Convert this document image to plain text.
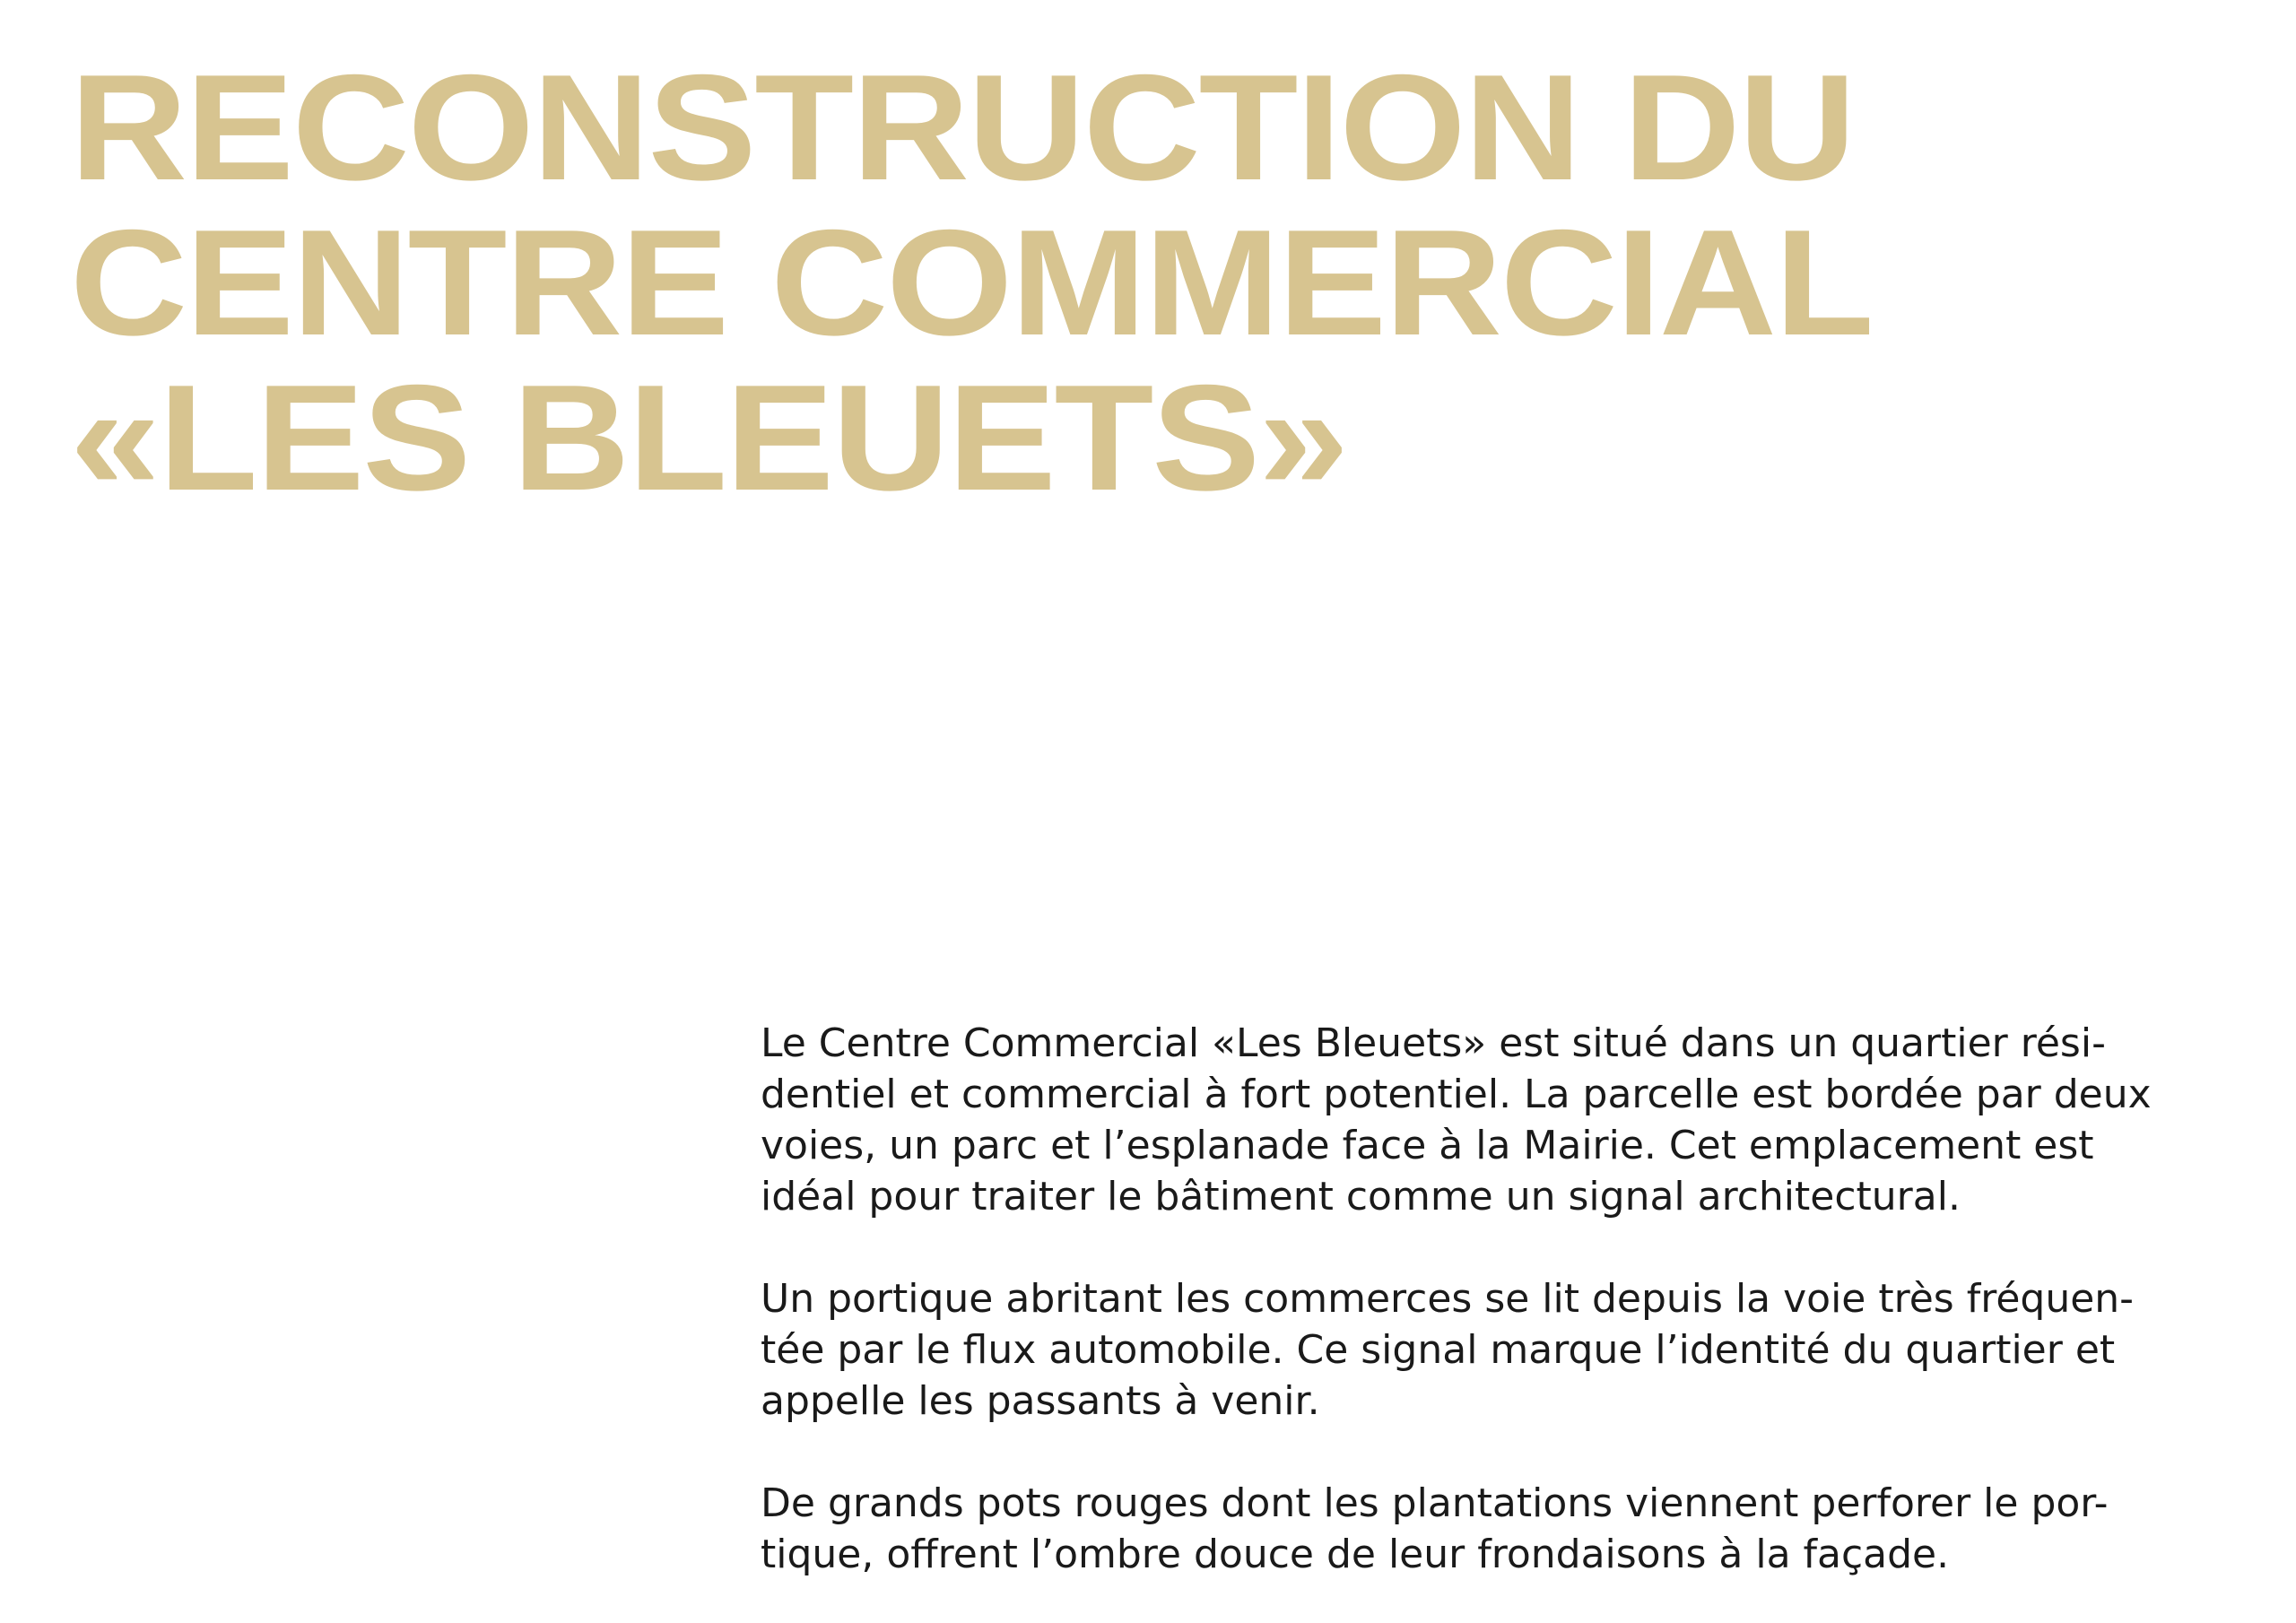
RECONSTRUCTION DU
CENTRE COMMERCIAL
«LES BLEUETS»

Le Centre Commercial «Les Bleuets» est situé dans un quartier rési-
dentiel et commercial à fort potentiel. La parcelle est bordée par deux
voies, un parc et l’esplanade face à la Mairie. Cet emplacement est
idéal pour traiter le bâtiment comme un signal architectural.

Un portique abritant les commerces se lit depuis la voie très fréquen-
tée par le flux automobile. Ce signal marque l’identité du quartier et
appelle les passants à venir.

De grands pots rouges dont les plantations viennent perforer le por-
tique, offrent l’ombre douce de leur frondaisons à la façade.
